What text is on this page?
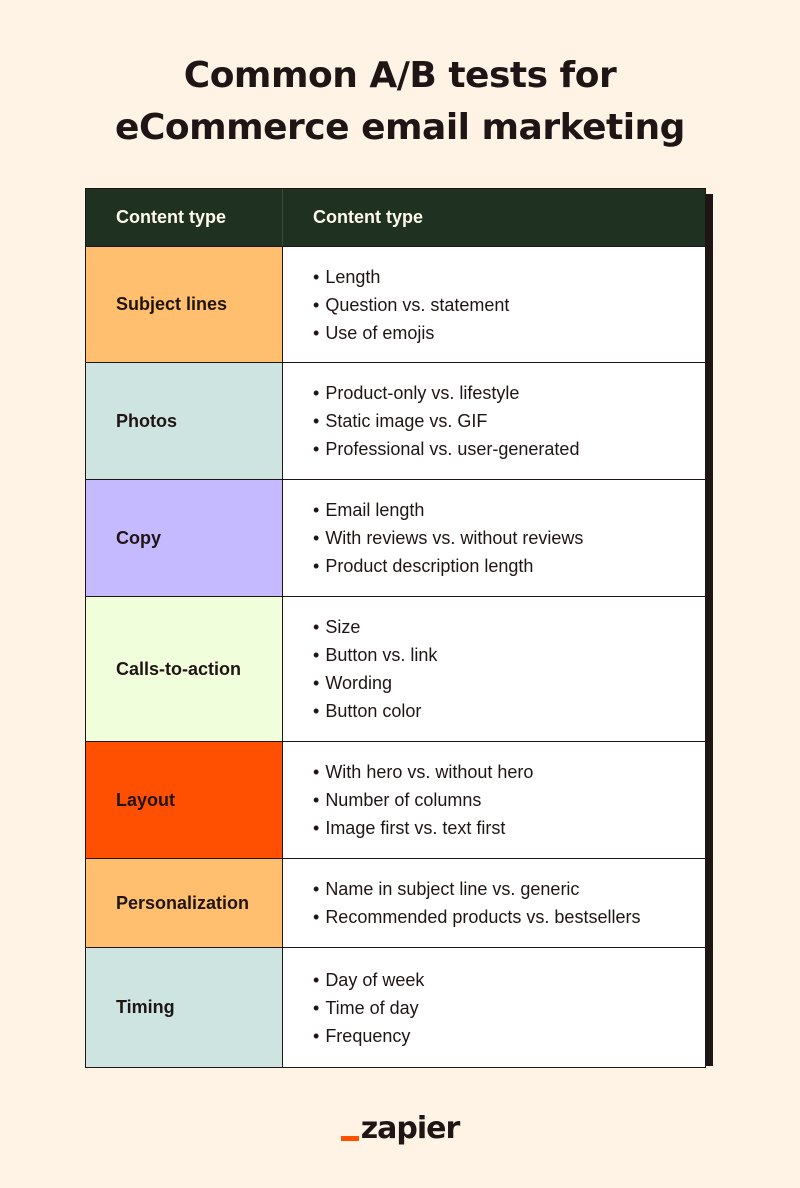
Common A/B tests for
eCommerce email marketing
Content type	Content type
Subject lines
• Length
• Question vs. statement
• Use of emojis
Photos
• Product-only vs. lifestyle
• Static image vs. GIF
• Professional vs. user-generated
Copy
• Email length
• With reviews vs. without reviews
• Product description length
Calls-to-action
• Size
• Button vs. link
• Wording
• Button color
Layout
• With hero vs. without hero
• Number of columns
• Image first vs. text first
Personalization
• Name in subject line vs. generic
• Recommended products vs. bestsellers
Timing
• Day of week
• Time of day
• Frequency
zapier
